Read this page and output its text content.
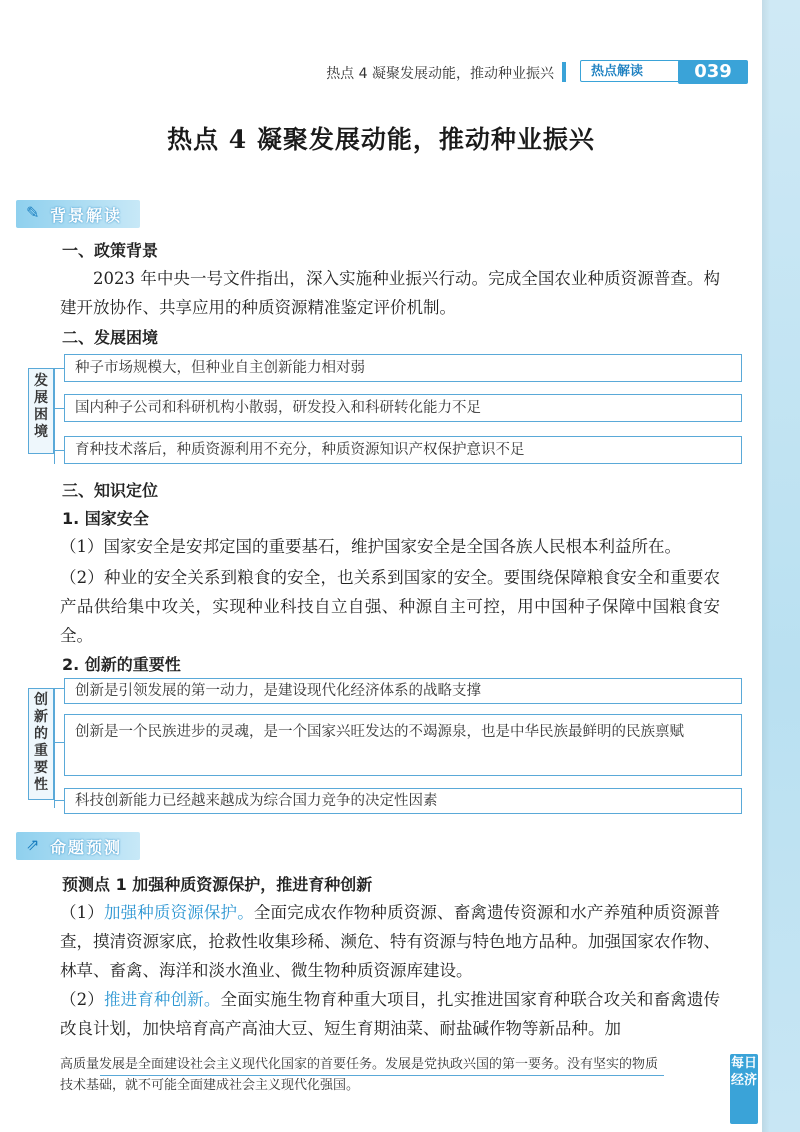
热点 4 凝聚发展动能，推动种业振兴	热点解读	039
热点 4 凝聚发展动能，推动种业振兴
✎ 背景解读
一、政策背景
2023 年中央一号文件指出，深入实施种业振兴行动。完成全国农业种质资源普查。构建开放协作、共享应用的种质资源精准鉴定评价机制。
二、发展困境
发展困境
种子市场规模大，但种业自主创新能力相对弱
国内种子公司和科研机构小散弱，研发投入和科研转化能力不足
育种技术落后，种质资源利用不充分，种质资源知识产权保护意识不足
三、知识定位
1. 国家安全
（1）国家安全是安邦定国的重要基石，维护国家安全是全国各族人民根本利益所在。
（2）种业的安全关系到粮食的安全，也关系到国家的安全。要围绕保障粮食安全和重要农产品供给集中攻关，实现种业科技自立自强、种源自主可控，用中国种子保障中国粮食安全。
2. 创新的重要性
创新的重要性
创新是引领发展的第一动力，是建设现代化经济体系的战略支撑
创新是一个民族进步的灵魂，是一个国家兴旺发达的不竭源泉，也是中华民族最鲜明的民族禀赋
科技创新能力已经越来越成为综合国力竞争的决定性因素
⇗ 命题预测
预测点 1 加强种质资源保护，推进育种创新
（1）加强种质资源保护。全面完成农作物种质资源、畜禽遗传资源和水产养殖种质资源普查，摸清资源家底，抢救性收集珍稀、濒危、特有资源与特色地方品种。加强国家农作物、林草、畜禽、海洋和淡水渔业、微生物种质资源库建设。
（2）推进育种创新。全面实施生物育种重大项目，扎实推进国家育种联合攻关和畜禽遗传改良计划，加快培育高产高油大豆、短生育期油菜、耐盐碱作物等新品种。加
高质量发展是全面建设社会主义现代化国家的首要任务。发展是党执政兴国的第一要务。没有坚实的物质技术基础，就不可能全面建成社会主义现代化强国。
每日经济
